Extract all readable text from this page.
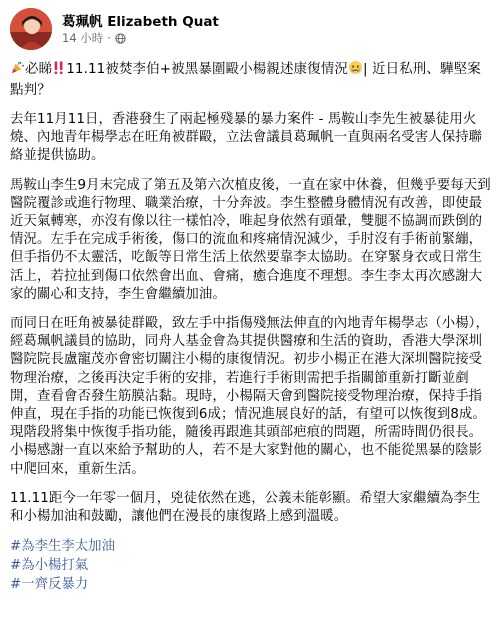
葛珮帆 Elizabeth Quat
14 小時 ·

必睇 11.11被焚李伯+被黑暴圍毆小楊親述康復情況 | 近日私刑、驊堅案點判？

去年11月11日，香港發生了兩起極殘暴的暴力案件 - 馬鞍山李先生被暴徒用火燒、內地青年楊學志在旺角被群毆，立法會議員葛珮帆一直與兩名受害人保持聯絡並提供協助。

馬鞍山李生9月末完成了第五及第六次植皮後，一直在家中休養，但幾乎要每天到醫院覆診或進行物理、職業治療，十分奔波。李生整體身體情況有改善，即使最近天氣轉寒，亦沒有像以往一樣怕冷，唯起身依然有頭暈，雙腿不協調而跌倒的情況。左手在完成手術後，傷口的流血和疼痛情況減少，手肘沒有手術前緊繃，但手指仍不太靈活，吃飯等日常生活上依然要靠李太協助。在穿緊身衣或日常生活上，若拉扯到傷口依然會出血、會痛，癒合進度不理想。李生李太再次感謝大家的關心和支持，李生會繼續加油。

而同日在旺角被暴徒群毆，致左手中指傷殘無法伸直的內地青年楊學志（小楊），經葛珮帆議員的協助，同舟人基金會為其提供醫療和生活的資助，香港大學深圳醫院院長盧寵茂亦會密切關注小楊的康復情況。初步小楊正在港大深圳醫院接受物理治療，之後再決定手術的安排，若進行手術則需把手指關節重新打斷並剷開，查看會否發生筋膜沾黏。現時，小楊隔天會到醫院接受物理治療，保持手指伸直，現在手指的功能已恢復到6成；情況進展良好的話，有望可以恢復到8成。現階段將集中恢復手指功能，隨後再跟進其頭部疤痕的問題，所需時間仍很長。小楊感謝一直以來給予幫助的人，若不是大家對他的關心，也不能從黑暴的陰影中爬回來，重新生活。

11.11距今一年零一個月，兇徒依然在逃，公義未能彰顯。希望大家繼續為李生和小楊加油和鼓勵，讓他們在漫長的康復路上感到溫暖。

#為李生李太加油
#為小楊打氣
#一齊反暴力
